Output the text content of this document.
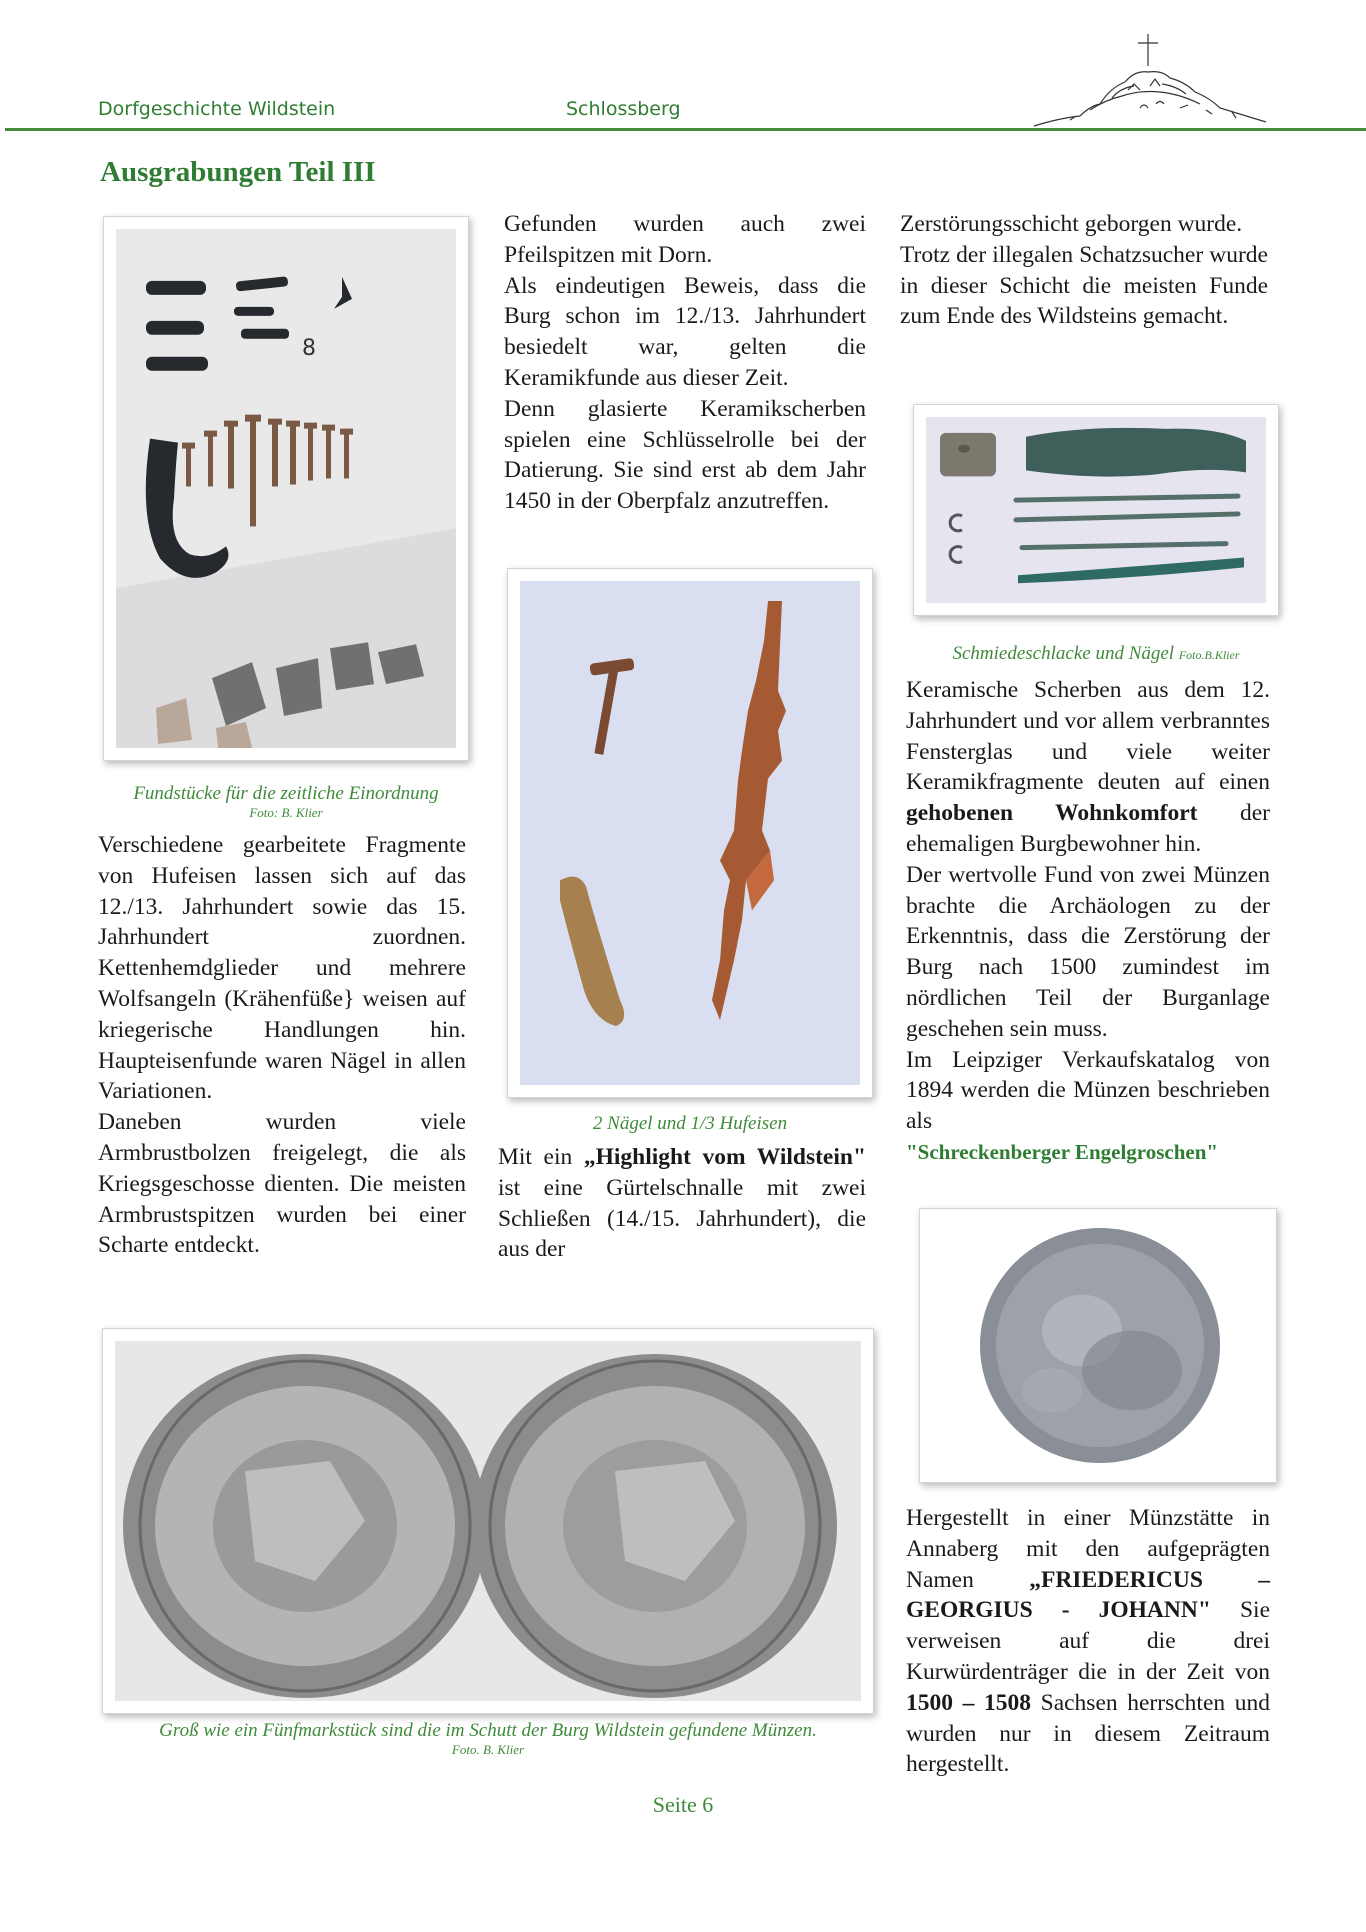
Dorfgeschichte Wildstein	Schlossberg
Ausgrabungen Teil III
8
Fundstücke für die zeitliche Einordnung
Foto: B. Klier

Verschiedene gearbeitete Fragmente von Hufeisen lassen sich auf das 12./13. Jahrhundert sowie das 15. Jahrhundert zuordnen. Kettenhemdglieder und mehrere Wolfsangeln (Krähenfüße} weisen auf kriegerische Handlungen hin. Haupteisenfunde waren Nägel in allen Variationen.

Daneben wurden viele Armbrustbolzen freigelegt, die als Kriegsgeschosse dienten. Die meisten Armbrustspitzen wurden bei einer Scharte entdeckt.

Gefunden wurden auch zwei Pfeilspitzen mit Dorn.

Als eindeutigen Beweis, dass die Burg schon im 12./13. Jahrhundert besiedelt war, gelten die Keramikfunde aus dieser Zeit.

Denn glasierte Keramikscherben spielen eine Schlüsselrolle bei der Datierung. Sie sind erst ab dem Jahr 1450 in der Oberpfalz anzutreffen.

2 Nägel und 1/3 Hufeisen

Mit ein „Highlight vom Wildstein" ist eine Gürtelschnalle mit zwei Schließen (14./15. Jahrhundert), die aus der

Zerstörungsschicht geborgen wurde.

Trotz der illegalen Schatzsucher wurde in dieser Schicht die meisten Funde zum Ende des Wildsteins gemacht.

Schmiedeschlacke und Nägel Foto.B.Klier

Keramische Scherben aus dem 12. Jahrhundert und vor allem verbranntes Fensterglas und viele weiter Keramikfragmente deuten auf einen gehobenen Wohnkomfort der ehemaligen Burgbewohner hin.

Der wertvolle Fund von zwei Münzen brachte die Archäologen zu der Erkenntnis, dass die Zerstörung der Burg nach 1500 zumindest im nördlichen Teil der Burganlage geschehen sein muss.

Im Leipziger Verkaufskatalog von 1894 werden die Münzen beschrieben als

"Schreckenberger Engelgroschen"

Hergestellt in einer Münzstätte in Annaberg mit den aufgeprägten Namen „FRIEDERICUS – GEORGIUS - JOHANN" Sie verweisen auf die drei Kurwürdenträger die in der Zeit von 1500 – 1508 Sachsen herrschten und wurden nur in diesem Zeitraum hergestellt.

Groß wie ein Fünfmarkstück sind die im Schutt der Burg Wildstein gefundene Münzen.
Foto. B. Klier
Seite 6
